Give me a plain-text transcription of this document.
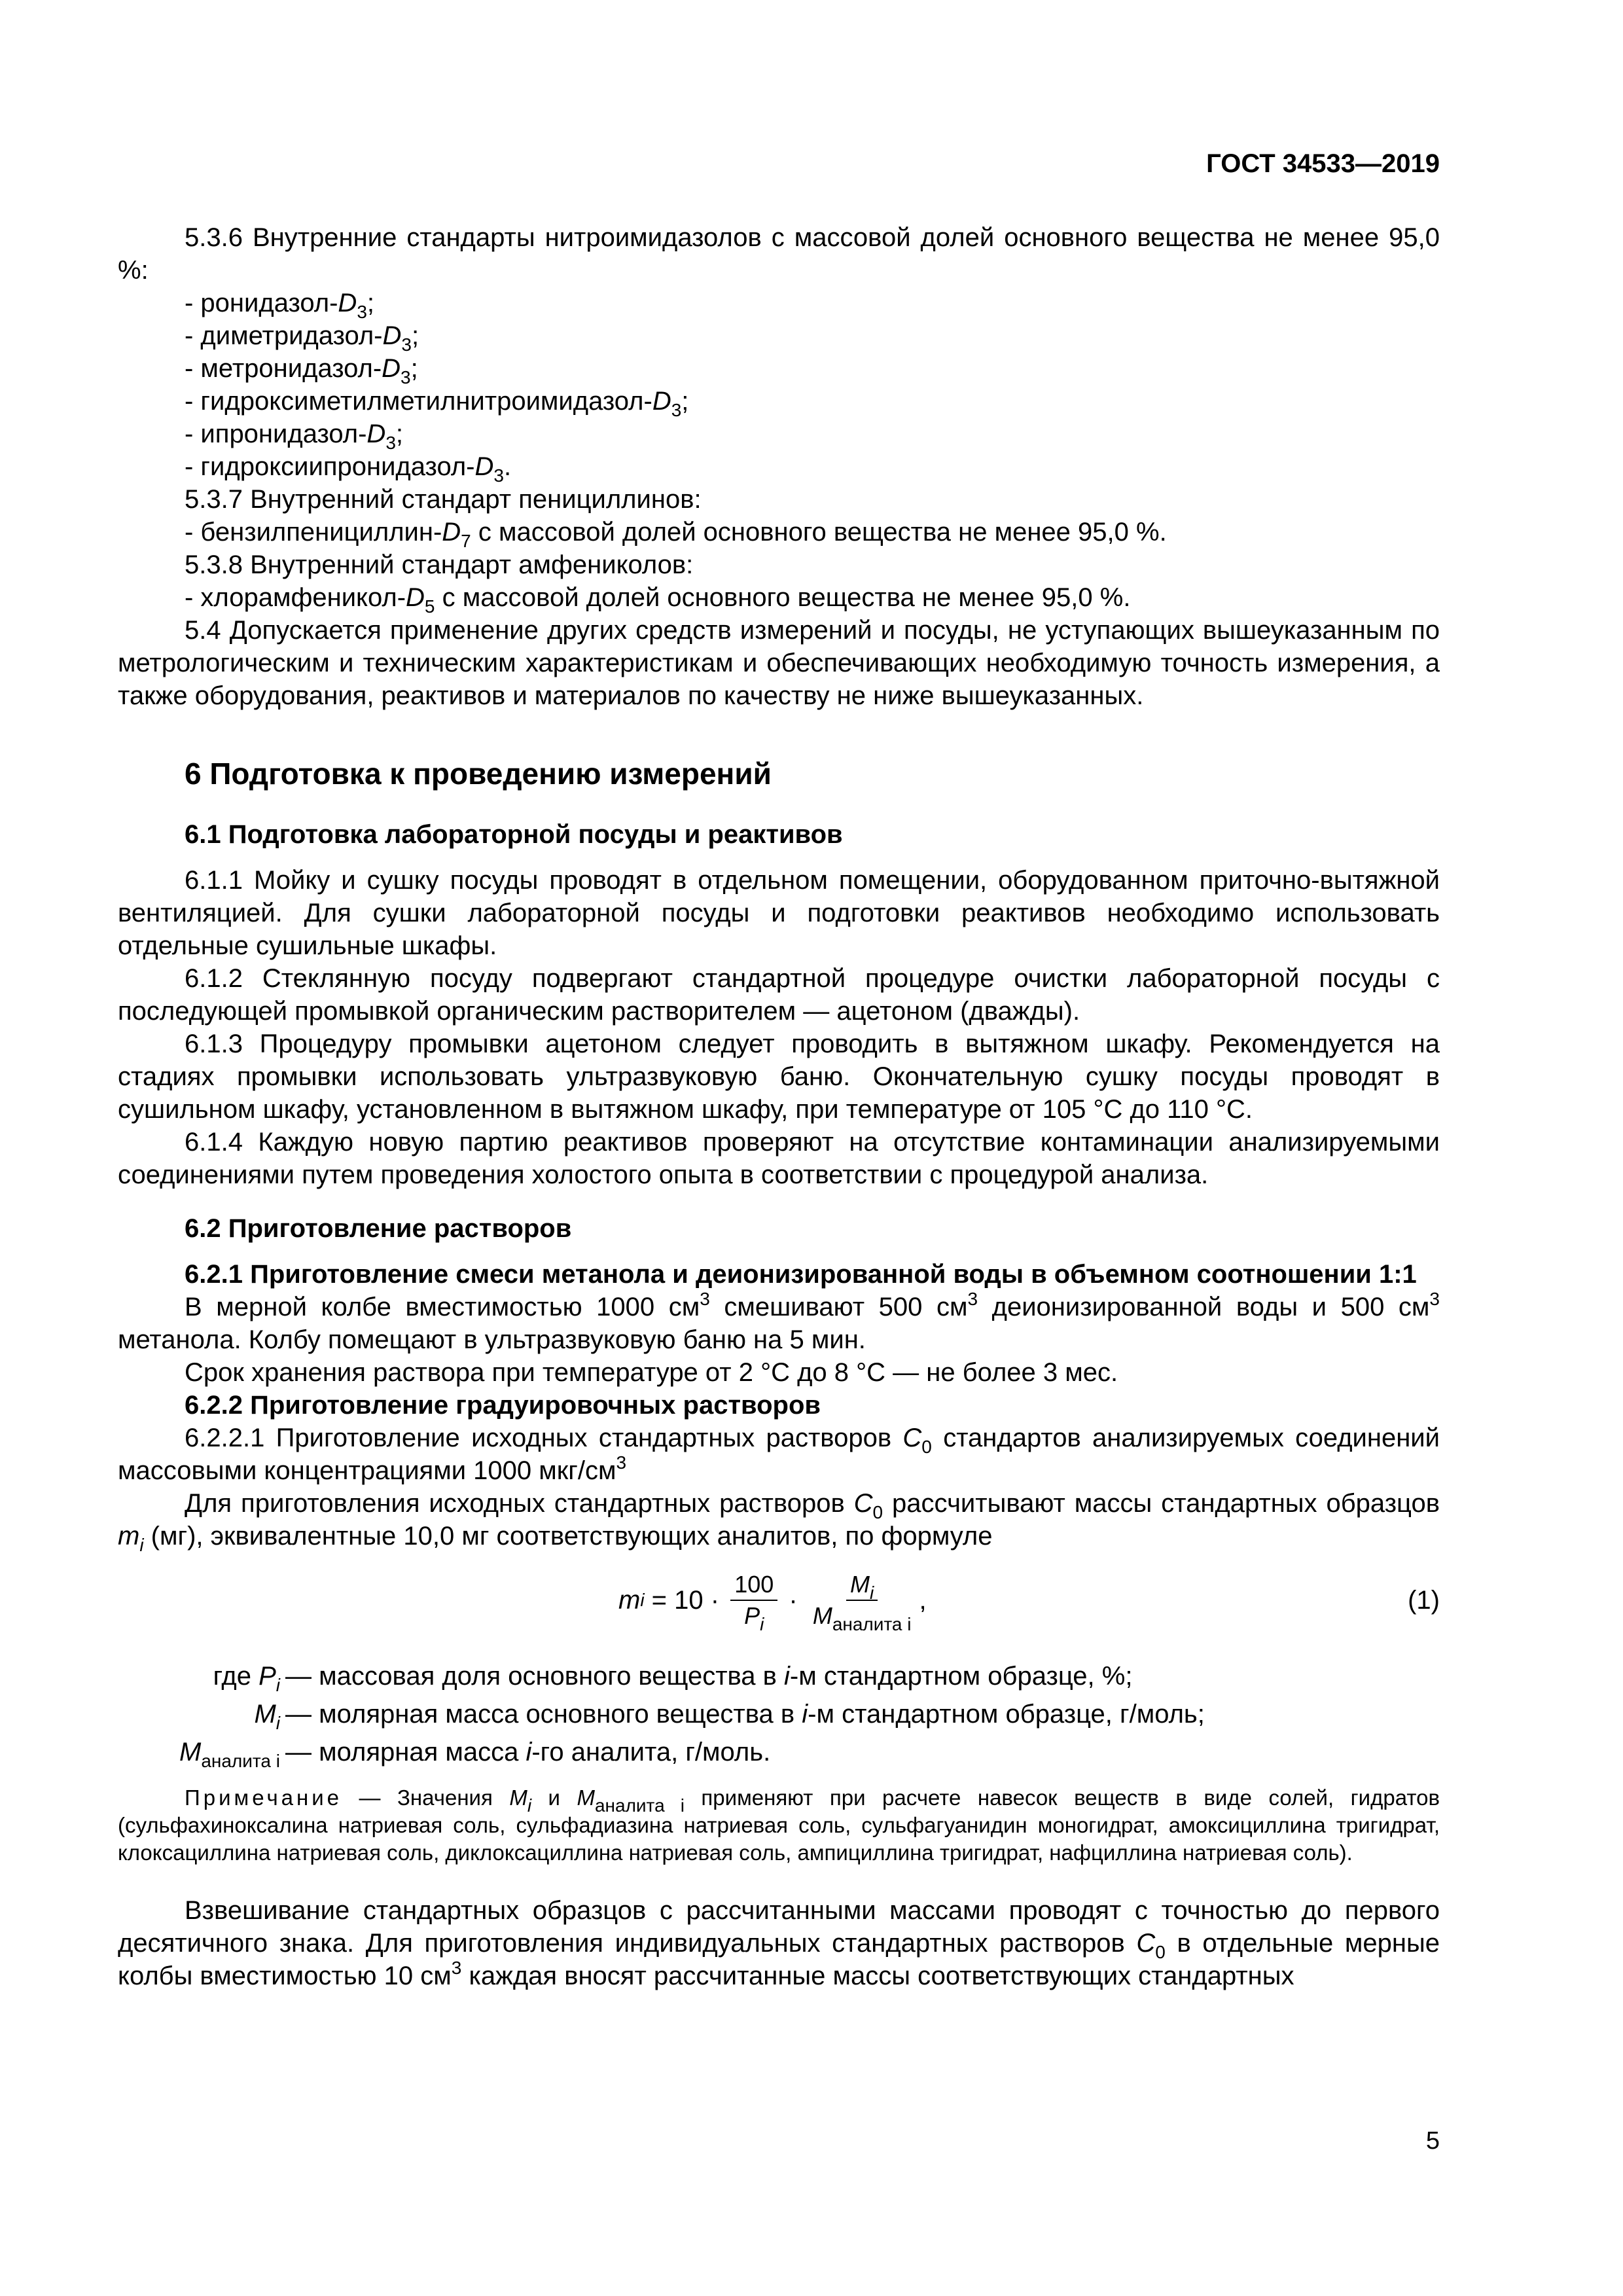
ГОСТ 34533—2019

5.3.6 Внутренние стандарты нитроимидазолов с массовой долей основного вещества не менее 95,0 %:

- ронидазол-$D_3$;

- диметридазол-$D_3$;

- метронидазол-$D_3$;

- гидроксиметилметилнитроимидазол-$D_3$;

- ипронидазол-$D_3$;

- гидроксиипронидазол-$D_3$.

5.3.7 Внутренний стандарт пенициллинов:

- бензилпенициллин-$D_7$ с массовой долей основного вещества не менее 95,0 %.

5.3.8 Внутренний стандарт амфениколов:

- хлорамфеникол-$D_5$ с массовой долей основного вещества не менее 95,0 %.

5.4 Допускается применение других средств измерений и посуды, не уступающих вышеуказанным по метрологическим и техническим характеристикам и обеспечивающих необходимую точность измерения, а также оборудования, реактивов и материалов по качеству не ниже вышеуказанных.

6 Подготовка к проведению измерений

6.1 Подготовка лабораторной посуды и реактивов

6.1.1 Мойку и сушку посуды проводят в отдельном помещении, оборудованном приточно-вытяжной вентиляцией. Для сушки лабораторной посуды и подготовки реактивов необходимо использовать отдельные сушильные шкафы.

6.1.2 Стеклянную посуду подвергают стандартной процедуре очистки лабораторной посуды с последующей промывкой органическим растворителем — ацетоном (дважды).

6.1.3 Процедуру промывки ацетоном следует проводить в вытяжном шкафу. Рекомендуется на стадиях промывки использовать ультразвуковую баню. Окончательную сушку посуды проводят в сушильном шкафу, установленном в вытяжном шкафу, при температуре от 105 °С до 110 °С.

6.1.4 Каждую новую партию реактивов проверяют на отсутствие контаминации анализируемыми соединениями путем проведения холостого опыта в соответствии с процедурой анализа.

6.2 Приготовление растворов

6.2.1 Приготовление смеси метанола и деионизированной воды в объемном соотношении 1:1

В мерной колбе вместимостью 1000 $см^3$ смешивают 500 $см^3$ деионизированной воды и 500 $см^3$ метанола. Колбу помещают в ультразвуковую баню на 5 мин.

Срок хранения раствора при температуре от 2 °С до 8 °С — не более 3 мес.

6.2.2 Приготовление градуировочных растворов

6.2.2.1 Приготовление исходных стандартных растворов $C_0$ стандартов анализируемых соединений массовыми концентрациями 1000 мкг/$см^3$

Для приготовления исходных стандартных растворов $C_0$ рассчитывают массы стандартных образцов $m_i$ (мг), эквивалентные 10,0 мг соответствующих аналитов, по формуле

m $i = 10 \cdot \frac{100}{P_i} \cdot \frac{M_i}{M_{аналита i}}$ ,	(1)
где $P_i$ — массовая доля основного вещества в i-м стандартном образце, %;
$M_i$ — молярная масса основного вещества в i-м стандартном образце, г/моль;
$M_{аналита i}$ — молярная масса i-го аналита, г/моль.

Примечание — Значения $M_i$ и $M_{аналита i}$ применяют при расчете навесок веществ в виде солей, гидратов (сульфахиноксалина натриевая соль, сульфадиазина натриевая соль, сульфагуанидин моногидрат, амоксициллина тригидрат, клоксациллина натриевая соль, диклоксациллина натриевая соль, ампициллина тригидрат, нафциллина натриевая соль).

Взвешивание стандартных образцов с рассчитанными массами проводят с точностью до первого десятичного знака. Для приготовления индивидуальных стандартных растворов $C_0$ в отдельные мерные колбы вместимостью 10 $см^3$ каждая вносят рассчитанные массы соответствующих стандартных

5
